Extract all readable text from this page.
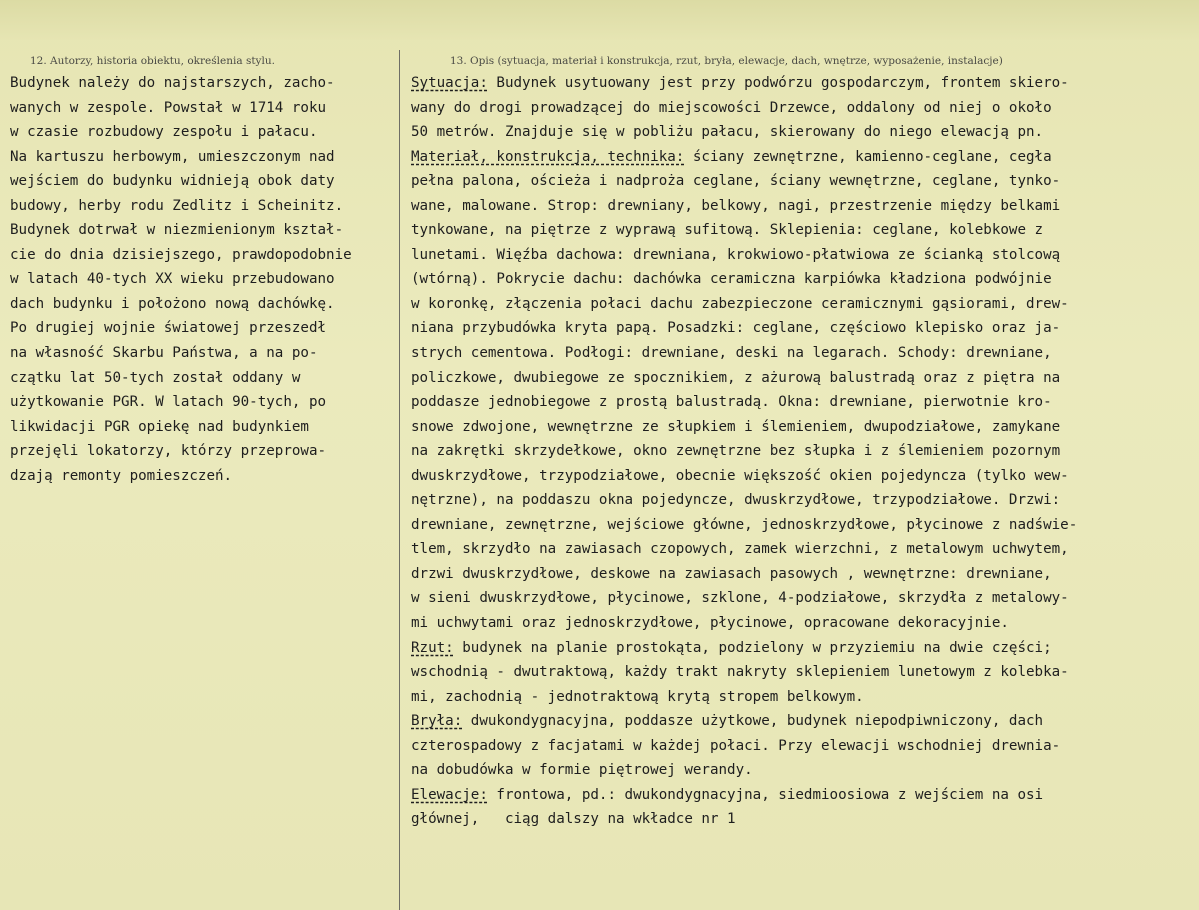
12. Autorzy, historia obiektu, określenia stylu.	13. Opis (sytuacja, materiał i konstrukcja, rzut, bryła, elewacje, dach, wnętrze, wyposażenie, instalacje)
Budynek należy do najstarszych, zacho-
wanych w zespole. Powstał w 1714 roku
w czasie rozbudowy zespołu i pałacu.
Na kartuszu herbowym, umieszczonym nad
wejściem do budynku widnieją obok daty
budowy, herby rodu Zedlitz i Scheinitz.
Budynek dotrwał w niezmienionym kształ-
cie do dnia dzisiejszego, prawdopodobnie
w latach 40-tych XX wieku przebudowano
dach budynku i położono nową dachówkę.
Po drugiej wojnie światowej przeszedł
na własność Skarbu Państwa, a na po-
czątku lat 50-tych został oddany w
użytkowanie PGR. W latach 90-tych, po
likwidacji PGR opiekę nad budynkiem
przejęli lokatorzy, którzy przeprowa-
dzają remonty pomieszczeń.
Sytuacja: Budynek usytuowany jest przy podwórzu gospodarczym, frontem skiero-
wany do drogi prowadzącej do miejscowości Drzewce, oddalony od niej o około
50 metrów. Znajduje się w pobliżu pałacu, skierowany do niego elewacją pn.
Materiał, konstrukcja, technika: ściany zewnętrzne, kamienno-ceglane, cegła
pełna palona, ościeża i nadproża ceglane, ściany wewnętrzne, ceglane, tynko-
wane, malowane. Strop: drewniany, belkowy, nagi, przestrzenie między belkami
tynkowane, na piętrze z wyprawą sufitową. Sklepienia: ceglane, kolebkowe z
lunetami. Więźba dachowa: drewniana, krokwiowo-płatwiowa ze ścianką stolcową
(wtórną). Pokrycie dachu: dachówka ceramiczna karpiówka kładziona podwójnie
w koronkę, złączenia połaci dachu zabezpieczone ceramicznymi gąsiorami, drew-
niana przybudówka kryta papą. Posadzki: ceglane, częściowo klepisko oraz ja-
strych cementowa. Podłogi: drewniane, deski na legarach. Schody: drewniane,
policzkowe, dwubiegowe ze spocznikiem, z ażurową balustradą oraz z piętra na
poddasze jednobiegowe z prostą balustradą. Okna: drewniane, pierwotnie kro-
snowe zdwojone, wewnętrzne ze słupkiem i ślemieniem, dwupodziałowe, zamykane
na zakrętki skrzydełkowe, okno zewnętrzne bez słupka i z ślemieniem pozornym
dwuskrzydłowe, trzypodziałowe, obecnie większość okien pojedyncza (tylko wew-
nętrzne), na poddaszu okna pojedyncze, dwuskrzydłowe, trzypodziałowe. Drzwi:
drewniane, zewnętrzne, wejściowe główne, jednoskrzydłowe, płycinowe z nadświe-
tlem, skrzydło na zawiasach czopowych, zamek wierzchni, z metalowym uchwytem,
drzwi dwuskrzydłowe, deskowe na zawiasach pasowych , wewnętrzne: drewniane,
w sieni dwuskrzydłowe, płycinowe, szklone, 4-podziałowe, skrzydła z metalowy-
mi uchwytami oraz jednoskrzydłowe, płycinowe, opracowane dekoracyjnie.
Rzut: budynek na planie prostokąta, podzielony w przyziemiu na dwie części;
wschodnią - dwutraktową, każdy trakt nakryty sklepieniem lunetowym z kolebka-
mi, zachodnią - jednotraktową krytą stropem belkowym.
Bryła: dwukondygnacyjna, poddasze użytkowe, budynek niepodpiwniczony, dach
czterospadowy z facjatami w każdej połaci. Przy elewacji wschodniej drewnia-
na dobudówka w formie piętrowej werandy.
Elewacje: frontowa, pd.: dwukondygnacyjna, siedmioosiowa z wejściem na osi
głównej,   ciąg dalszy na wkładce nr 1
